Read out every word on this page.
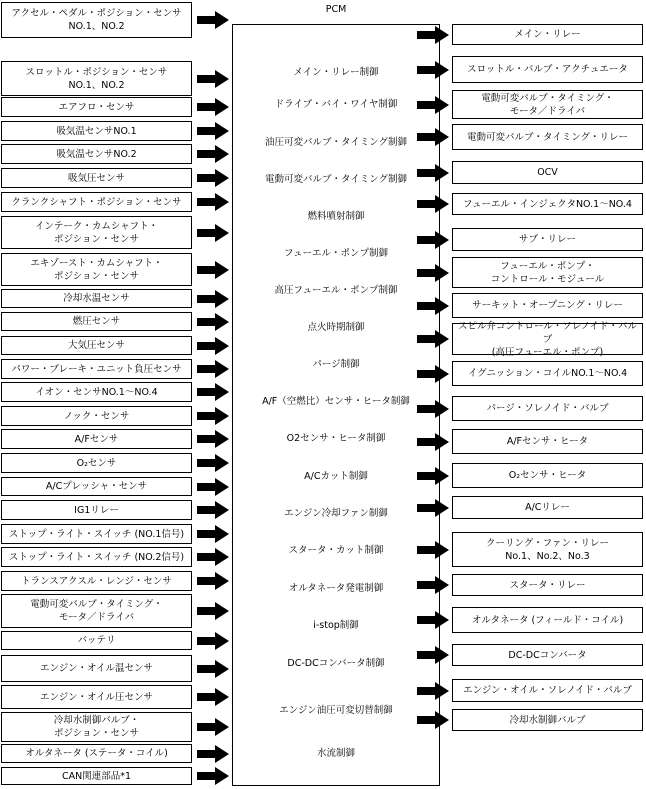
PCM
アクセル・ペダル・ポジション・センサ
NO.1、NO.2
スロットル・ポジション・センサ
NO.1、NO.2
エアフロ・センサ
吸気温センサNO.1
吸気温センサNO.2
吸気圧センサ
クランクシャフト・ポジション・センサ
インテーク・カムシャフト・
ポジション・センサ
エキゾースト・カムシャフト・
ポジション・センサ
冷却水温センサ
燃圧センサ
大気圧センサ
パワー・ブレーキ・ユニット負圧センサ
イオン・センサNO.1～NO.4
ノック・センサ
A/Fセンサ
O₂センサ
A/Cプレッシャ・センサ
IG1リレー
ストップ・ライト・スイッチ (NO.1信号)
ストップ・ライト・スイッチ (NO.2信号)
トランスアクスル・レンジ・センサ
電動可変バルブ・タイミング・
モータ／ドライバ
バッテリ
エンジン・オイル温センサ
エンジン・オイル圧センサ
冷却水制御バルブ・
ポジション・センサ
オルタネータ (ステータ・コイル)
CAN関連部品*1
メイン・リレー制御
ドライブ・バイ・ワイヤ制御
油圧可変バルブ・タイミング制御
電動可変バルブ・タイミング制御
燃料噴射制御
フューエル・ポンプ制御
高圧フューエル・ポンプ制御
点火時期制御
パージ制御
A/F（空燃比）センサ・ヒータ制御
O2センサ・ヒータ制御
A/Cカット制御
エンジン冷却ファン制御
スタータ・カット制御
オルタネータ発電制御
i-stop制御
DC-DCコンバータ制御
エンジン油圧可変切替制御
水流制御
メイン・リレー
スロットル・バルブ・アクチュエータ
電動可変バルブ・タイミング・
モータ／ドライバ
電動可変バルブ・タイミング・リレー
OCV
フューエル・インジェクタNO.1～NO.4
サブ・リレー
フューエル・ポンプ・
コントロール・モジュール
サーキット・オープニング・リレー
スピル弁コントロール・ソレノイド・バルブ
(高圧フューエル・ポンプ)
イグニッション・コイルNO.1～NO.4
パージ・ソレノイド・バルブ
A/Fセンサ・ヒータ
O₂センサ・ヒータ
A/Cリレー
クーリング・ファン・リレー
No.1、No.2、No.3
スタータ・リレー
オルタネータ (フィールド・コイル)
DC-DCコンバータ
エンジン・オイル・ソレノイド・バルブ
冷却水制御バルブ
